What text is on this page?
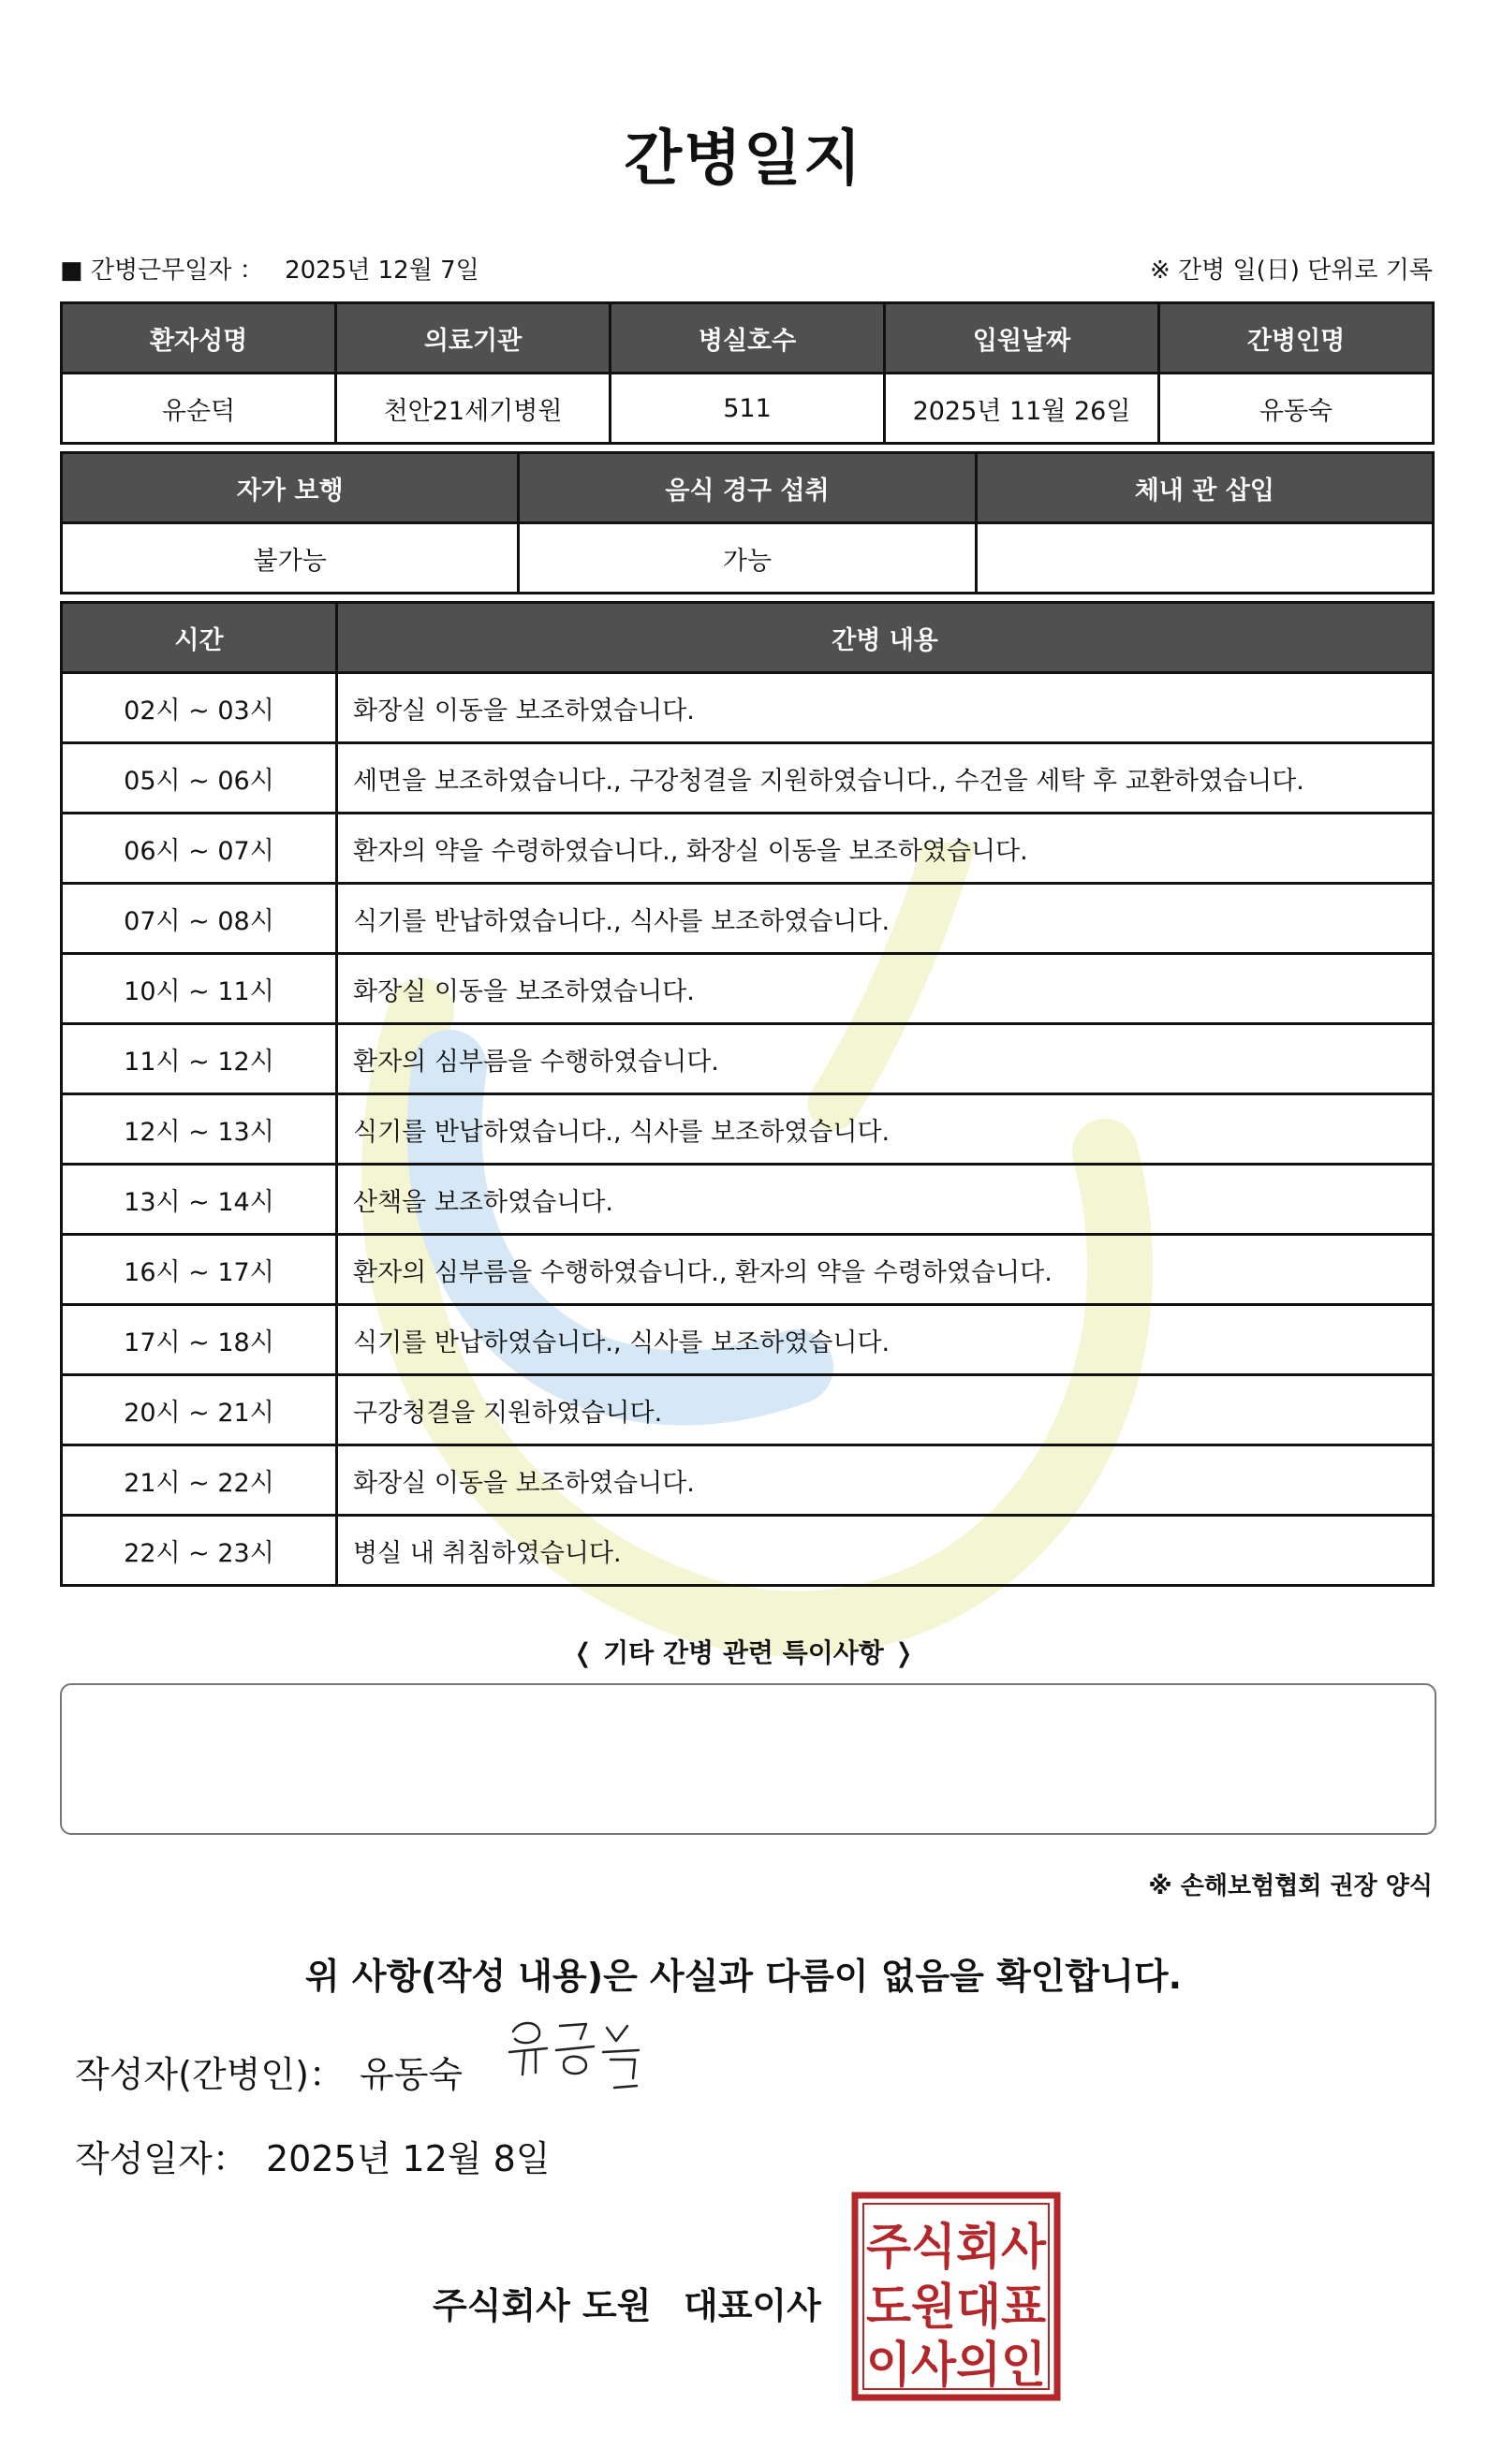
간병일지
■ 간병근무일자 ： 2025년 12월 7일	※ 간병 일(日) 단위로 기록
환자성명	의료기관	병실호수	입원날짜	간병인명
유순덕	천안21세기병원	511	2025년 11월 26일	유동숙
자가 보행	음식 경구 섭취	체내 관 삽입
불가능	가능	
시간	간병 내용
02시 ~ 03시	화장실 이동을 보조하였습니다.
05시 ~ 06시	세면을 보조하였습니다., 구강청결을 지원하였습니다., 수건을 세탁 후 교환하였습니다.
06시 ~ 07시	환자의 약을 수령하였습니다., 화장실 이동을 보조하였습니다.
07시 ~ 08시	식기를 반납하였습니다., 식사를 보조하였습니다.
10시 ~ 11시	화장실 이동을 보조하였습니다.
11시 ~ 12시	환자의 심부름을 수행하였습니다.
12시 ~ 13시	식기를 반납하였습니다., 식사를 보조하였습니다.
13시 ~ 14시	산책을 보조하였습니다.
16시 ~ 17시	환자의 심부름을 수행하였습니다., 환자의 약을 수령하였습니다.
17시 ~ 18시	식기를 반납하였습니다., 식사를 보조하였습니다.
20시 ~ 21시	구강청결을 지원하였습니다.
21시 ~ 22시	화장실 이동을 보조하였습니다.
22시 ~ 23시	병실 내 취침하였습니다.
❬ 기타 간병 관련 특이사항 ❭
※ 손해보험협회 권장 양식
위 사항(작성 내용)은 사실과 다름이 없음을 확인합니다.
작성자(간병인)： 유동숙
작성일자： 2025년 12월 8일
주식회사 도원 대표이사
주식회사
도원대표
이사의인
